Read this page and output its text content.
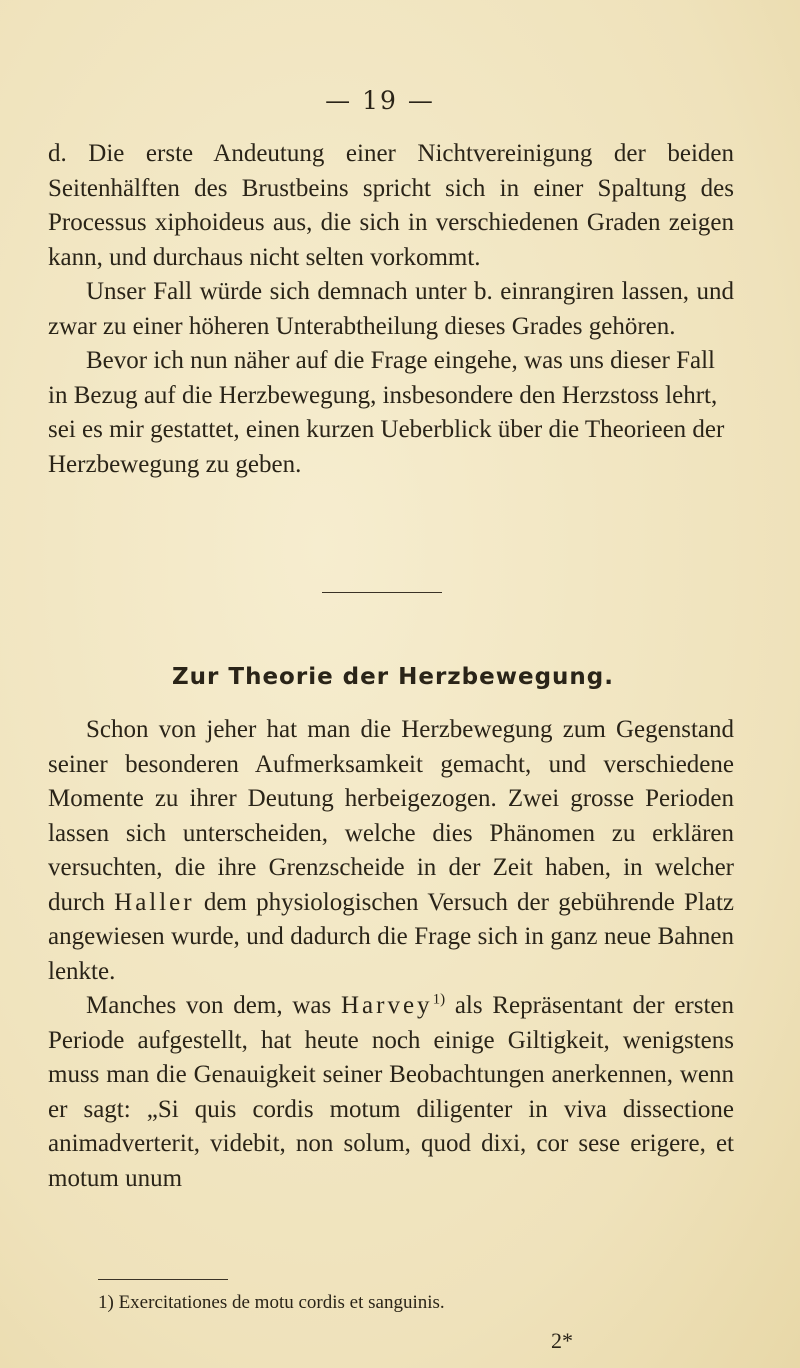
— 19 —

d. Die erste Andeutung einer Nichtvereinigung der beiden Seitenhälften des Brustbeins spricht sich in einer Spaltung des Processus xiphoideus aus, die sich in verschiedenen Graden zeigen kann, und durchaus nicht selten vorkommt.

Unser Fall würde sich demnach unter b. einrangiren lassen, und zwar zu einer höheren Unterabtheilung dieses Grades gehören.

Bevor ich nun näher auf die Frage eingehe, was uns dieser Fall in Bezug auf die Herzbewegung, insbesondere den Herzstoss lehrt, sei es mir gestattet, einen kurzen Ueberblick über die Theorieen der Herzbewegung zu geben.

Zur Theorie der Herzbewegung.

Schon von jeher hat man die Herzbewegung zum Gegenstand seiner besonderen Aufmerksamkeit gemacht, und verschiedene Momente zu ihrer Deutung herbeigezogen. Zwei grosse Perioden lassen sich unterscheiden, welche dies Phänomen zu erklären versuchten, die ihre Grenzscheide in der Zeit haben, in welcher durch Haller dem physiologischen Versuch der gebührende Platz angewiesen wurde, und dadurch die Frage sich in ganz neue Bahnen lenkte.

Manches von dem, was Harvey$^{1)}$ als Repräsentant der ersten Periode aufgestellt, hat heute noch einige Giltigkeit, wenigstens muss man die Genauigkeit seiner Beobachtungen anerkennen, wenn er sagt: „Si quis cordis motum diligenter in viva dissectione animadverterit, videbit, non solum, quod dixi, cor sese erigere, et motum unum

1) Exercitationes de motu cordis et sanguinis.
2*
